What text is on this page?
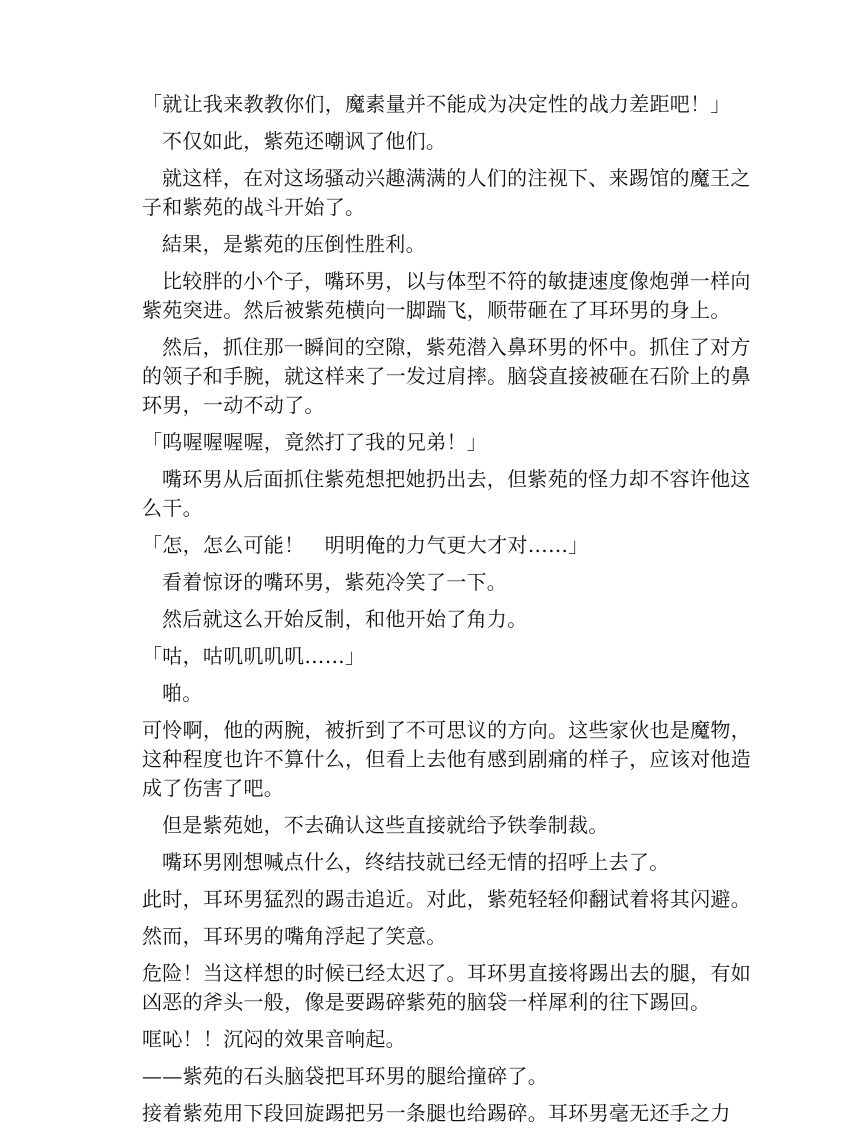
「就让我来教教你们，魔素量并不能成为决定性的战力差距吧！」

不仅如此，紫苑还嘲讽了他们。

就这样，在对这场骚动兴趣满满的人们的注视下、来踢馆的魔王之子和紫苑的战斗开始了。

結果，是紫苑的压倒性胜利。

比较胖的小个子，嘴环男，以与体型不符的敏捷速度像炮弹一样向紫苑突进。然后被紫苑横向一脚踹飞，顺带砸在了耳环男的身上。

然后，抓住那一瞬间的空隙，紫苑潜入鼻环男的怀中。抓住了对方的领子和手腕，就这样来了一发过肩摔。脑袋直接被砸在石阶上的鼻环男，一动不动了。

「呜喔喔喔喔，竟然打了我的兄弟！」

嘴环男从后面抓住紫苑想把她扔出去，但紫苑的怪力却不容许他这么干。

「怎，怎么可能！　明明俺的力气更大才对……」

看着惊讶的嘴环男，紫苑冷笑了一下。

然后就这么开始反制，和他开始了角力。

「咕，咕叽叽叽叽……」

啪。

可怜啊，他的两腕，被折到了不可思议的方向。这些家伙也是魔物，这种程度也许不算什么，但看上去他有感到剧痛的样子，应该对他造成了伤害了吧。

但是紫苑她，不去确认这些直接就给予铁拳制裁。

嘴环男刚想喊点什么，终结技就已经无情的招呼上去了。

此时，耳环男猛烈的踢击追近。对此，紫苑轻轻仰翻试着将其闪避。

然而，耳环男的嘴角浮起了笑意。

危险！当这样想的时候已经太迟了。耳环男直接将踢出去的腿，有如凶恶的斧头一般，像是要踢碎紫苑的脑袋一样犀利的往下踢回。

哐吣！！沉闷的效果音响起。

——紫苑的石头脑袋把耳环男的腿给撞碎了。

接着紫苑用下段回旋踢把另一条腿也给踢碎。耳环男毫无还手之力
